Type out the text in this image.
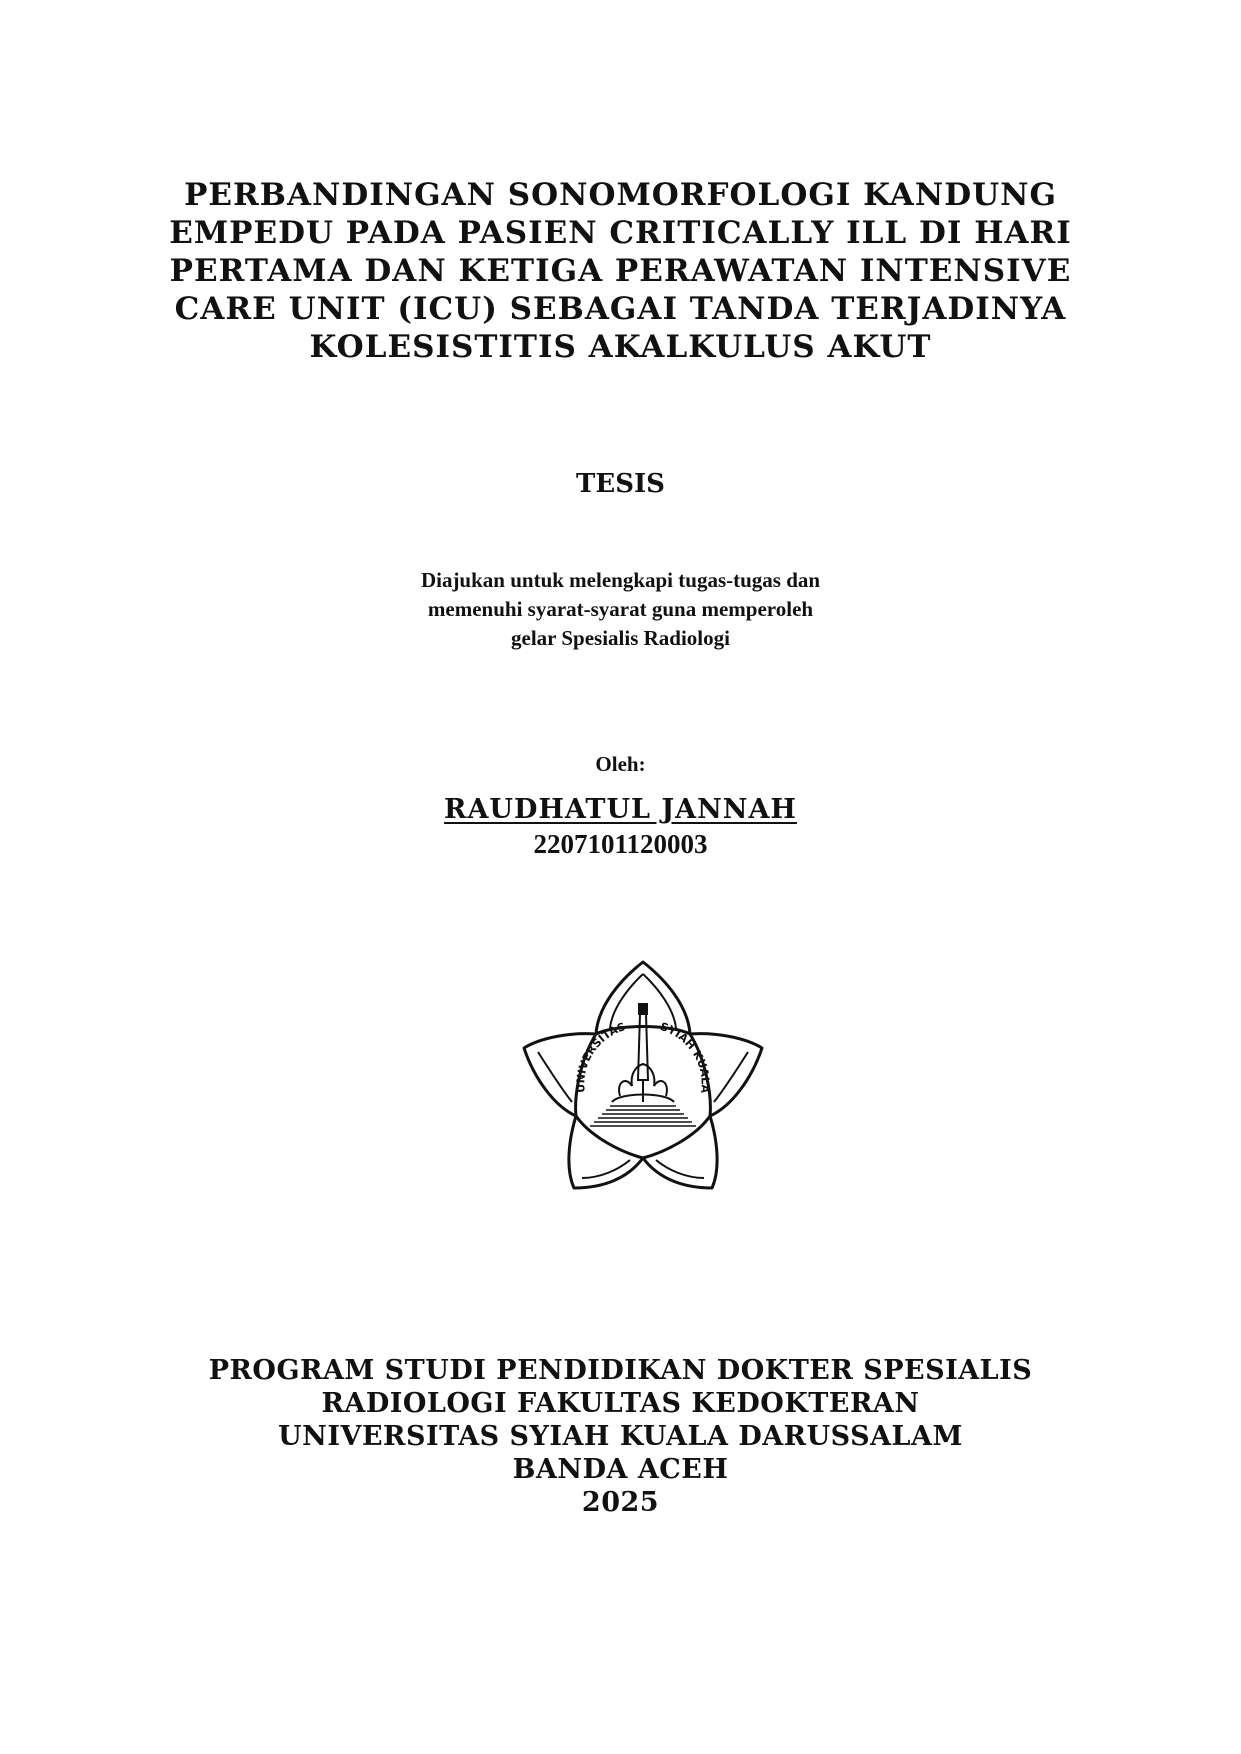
PERBANDINGAN SONOMORFOLOGI KANDUNG
EMPEDU PADA PASIEN CRITICALLY ILL DI HARI
PERTAMA DAN KETIGA PERAWATAN INTENSIVE
CARE UNIT (ICU) SEBAGAI TANDA TERJADINYA
KOLESISTITIS AKALKULUS AKUT
TESIS
Diajukan untuk melengkapi tugas-tugas dan
memenuhi syarat-syarat guna memperoleh
gelar Spesialis Radiologi
Oleh:
RAUDHATUL JANNAH
2207101120003
UNIVERSITAS	SYIAH KUALA
PROGRAM STUDI PENDIDIKAN DOKTER SPESIALIS
RADIOLOGI FAKULTAS KEDOKTERAN
UNIVERSITAS SYIAH KUALA DARUSSALAM
BANDA ACEH
2025
